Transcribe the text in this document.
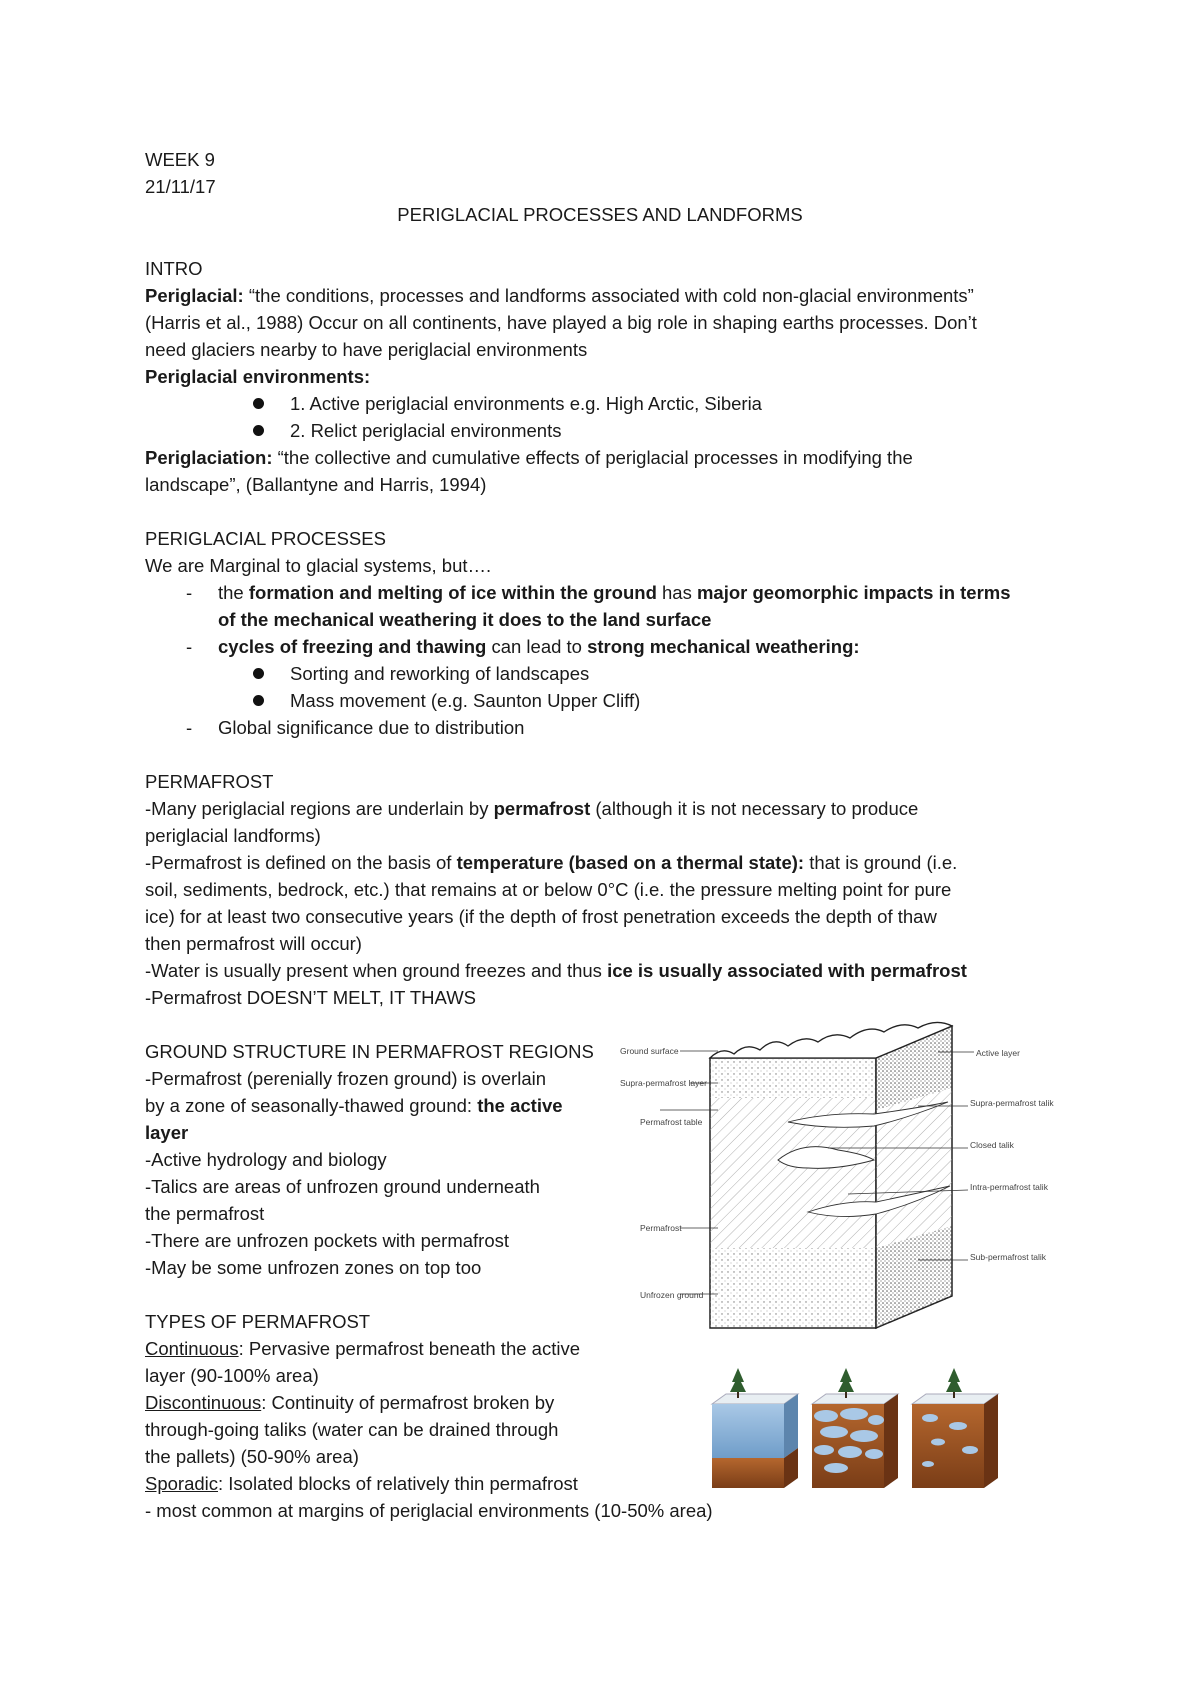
WEEK 9
21/11/17
PERIGLACIAL PROCESSES AND LANDFORMS
INTRO
Periglacial: “the conditions, processes and landforms associated with cold non-glacial environments”
(Harris et al., 1988) Occur on all continents, have played a big role in shaping earths processes. Don’t
need glaciers nearby to have periglacial environments
Periglacial environments:
1. Active periglacial environments e.g. High Arctic, Siberia
2. Relict periglacial environments
Periglaciation: “the collective and cumulative effects of periglacial processes in modifying the
landscape”, (Ballantyne and Harris, 1994)
PERIGLACIAL PROCESSES
We are Marginal to glacial systems, but….
- the formation and melting of ice within the ground has major geomorphic impacts in terms
of the mechanical weathering it does to the land surface
- cycles of freezing and thawing can lead to strong mechanical weathering:
Sorting and reworking of landscapes
Mass movement (e.g. Saunton Upper Cliff)
- Global significance due to distribution
PERMAFROST
-Many periglacial regions are underlain by permafrost (although it is not necessary to produce
periglacial landforms)
-Permafrost is defined on the basis of temperature (based on a thermal state): that is ground (i.e.
soil, sediments, bedrock, etc.) that remains at or below 0°C (i.e. the pressure melting point for pure
ice) for at least two consecutive years (if the depth of frost penetration exceeds the depth of thaw
then permafrost will occur)
-Water is usually present when ground freezes and thus ice is usually associated with permafrost
-Permafrost DOESN’T MELT, IT THAWS
GROUND STRUCTURE IN PERMAFROST REGIONS
-Permafrost (perenially frozen ground) is overlain
by a zone of seasonally-thawed ground: the active
layer
-Active hydrology and biology
-Talics are areas of unfrozen ground underneath
the permafrost
-There are unfrozen pockets with permafrost
-May be some unfrozen zones on top too
Ground surface
Supra-permafrost layer
Permafrost table
Permafrost
Unfrozen ground
Active layer
Supra-permafrost talik
Closed talik
Intra-permafrost talik
Sub-permafrost talik
TYPES OF PERMAFROST
Continuous: Pervasive permafrost beneath the active
layer (90-100% area)
Discontinuous: Continuity of permafrost broken by
through-going taliks (water can be drained through
the pallets) (50-90% area)
Sporadic: Isolated blocks of relatively thin permafrost
- most common at margins of periglacial environments (10-50% area)
